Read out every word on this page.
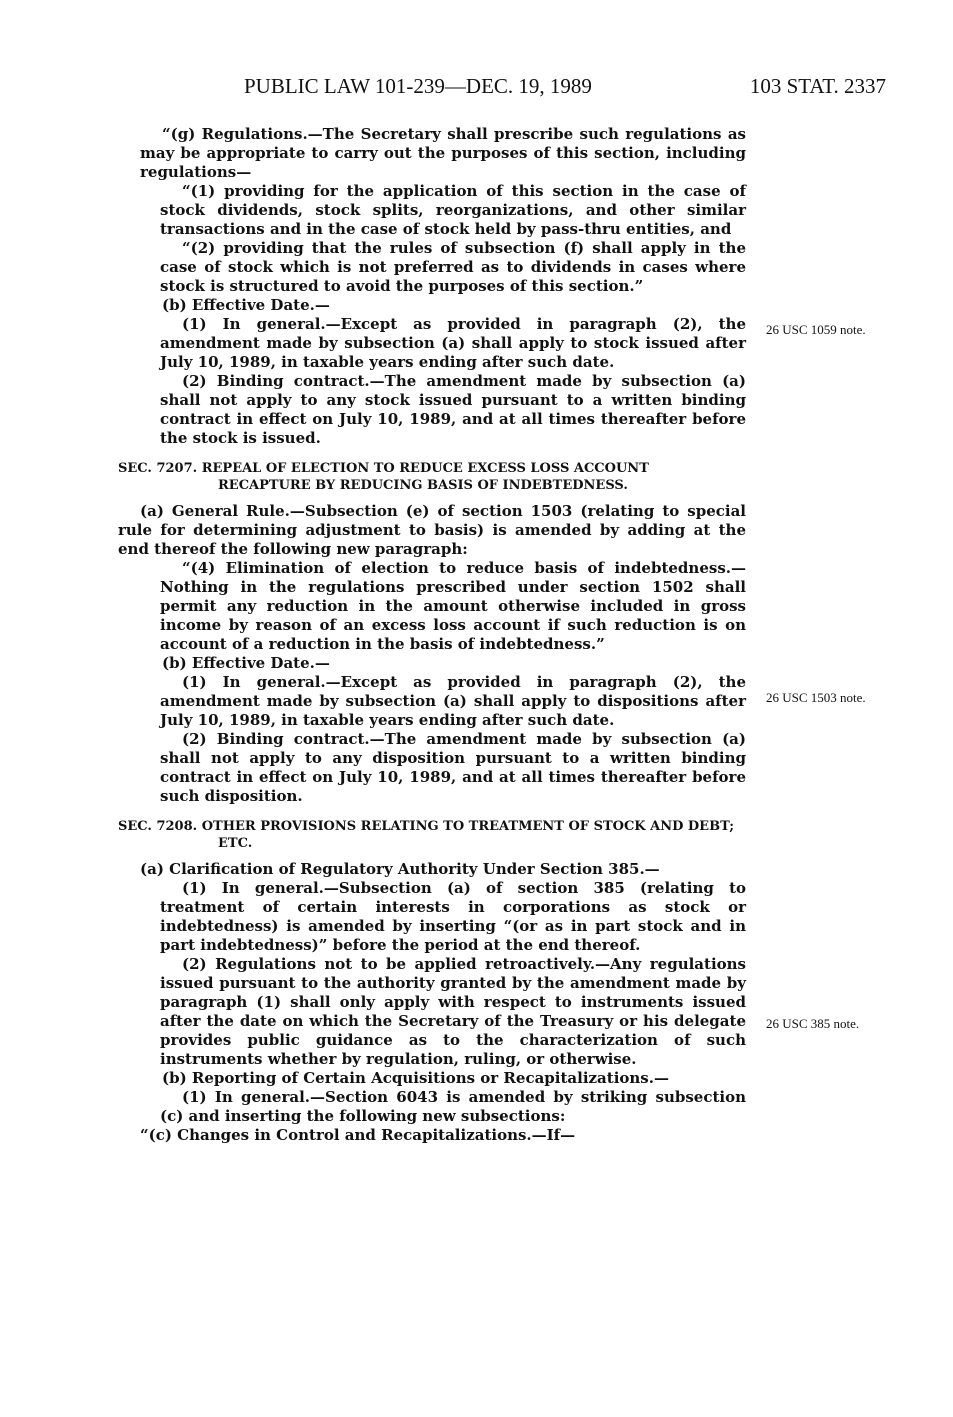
PUBLIC LAW 101-239—DEC. 19, 1989	103 STAT. 2337

“(g) Regulations.—The Secretary shall prescribe such regulations as may be appropriate to carry out the purposes of this section, including regulations—

“(1) providing for the application of this section in the case of stock dividends, stock splits, reorganizations, and other similar transactions and in the case of stock held by pass-thru entities, and

“(2) providing that the rules of subsection (f) shall apply in the case of stock which is not preferred as to dividends in cases where stock is structured to avoid the purposes of this section.”

(b) Effective Date.—

(1) In general.—Except as provided in paragraph (2), the amendment made by subsection (a) shall apply to stock issued after July 10, 1989, in taxable years ending after such date.

(2) Binding contract.—The amendment made by subsection (a) shall not apply to any stock issued pursuant to a written binding contract in effect on July 10, 1989, and at all times thereafter before the stock is issued.

SEC. 7207. REPEAL OF ELECTION TO REDUCE EXCESS LOSS ACCOUNT RECAPTURE BY REDUCING BASIS OF INDEBTEDNESS.

(a) General Rule.—Subsection (e) of section 1503 (relating to special rule for determining adjustment to basis) is amended by adding at the end thereof the following new paragraph:

“(4) Elimination of election to reduce basis of indebtedness.—Nothing in the regulations prescribed under section 1502 shall permit any reduction in the amount otherwise included in gross income by reason of an excess loss account if such reduction is on account of a reduction in the basis of indebtedness.”

(b) Effective Date.—

(1) In general.—Except as provided in paragraph (2), the amendment made by subsection (a) shall apply to dispositions after July 10, 1989, in taxable years ending after such date.

(2) Binding contract.—The amendment made by subsection (a) shall not apply to any disposition pursuant to a written binding contract in effect on July 10, 1989, and at all times thereafter before such disposition.

SEC. 7208. OTHER PROVISIONS RELATING TO TREATMENT OF STOCK AND DEBT; ETC.

(a) Clarification of Regulatory Authority Under Section 385.—

(1) In general.—Subsection (a) of section 385 (relating to treatment of certain interests in corporations as stock or indebtedness) is amended by inserting “(or as in part stock and in part indebtedness)” before the period at the end thereof.

(2) Regulations not to be applied retroactively.—Any regulations issued pursuant to the authority granted by the amendment made by paragraph (1) shall only apply with respect to instruments issued after the date on which the Secretary of the Treasury or his delegate provides public guidance as to the characterization of such instruments whether by regulation, ruling, or otherwise.

(b) Reporting of Certain Acquisitions or Recapitalizations.—

(1) In general.—Section 6043 is amended by striking subsection (c) and inserting the following new subsections:

“(c) Changes in Control and Recapitalizations.—If—

26 USC 1059 note.
26 USC 1503 note.
26 USC 385 note.
